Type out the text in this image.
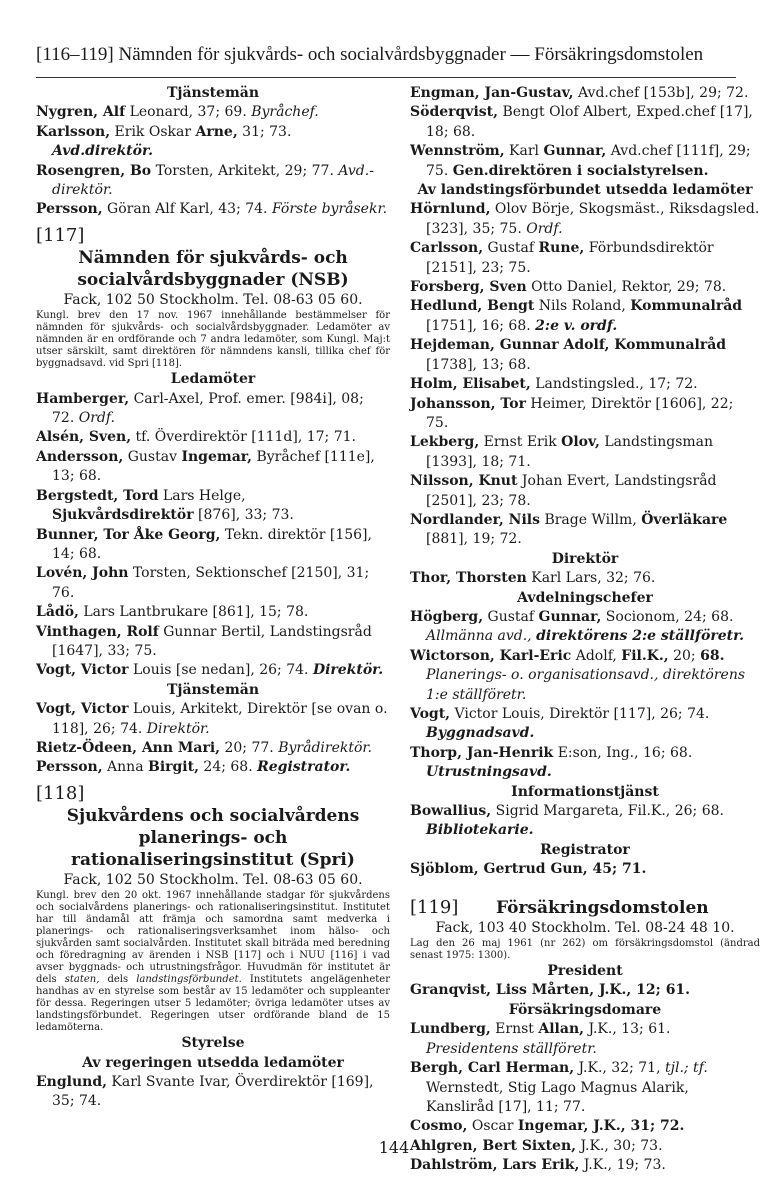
[116–119] Nämnden för sjukvårds- och socialvårdsbyggnader — Försäkringsdomstolen
Tjänstemän
Nygren, Alf Leonard, 37; 69. Byråchef.
Karlsson, Erik Oskar Arne, 31; 73. Avd.direktör.
Rosengren, Bo Torsten, Arkitekt, 29; 77. Avd.-direktör.
Persson, Göran Alf Karl, 43; 74. Förste byråsekr.
[117]
Nämnden för sjukvårds- och socialvårdsbyggnader (NSB)
Fack, 102 50 Stockholm. Tel. 08-63 05 60.
Kungl. brev den 17 nov. 1967 innehållande bestämmelser för nämnden för sjukvårds- och socialvårdsbyggnader. Ledamöter av nämnden är en ordförande och 7 andra ledamöter, som Kungl. Maj:t utser särskilt, samt direktören för nämndens kansli, tillika chef för byggnadsavd. vid Spri [118].
Ledamöter
Hamberger, Carl-Axel, Prof. emer. [984i], 08; 72. Ordf.
Alsén, Sven, tf. Överdirektör [111d], 17; 71.
Andersson, Gustav Ingemar, Byråchef [111e], 13; 68.
Bergstedt, Tord Lars Helge, Sjukvårdsdirektör [876], 33; 73.
Bunner, Tor Åke Georg, Tekn. direktör [156], 14; 68.
Lovén, John Torsten, Sektionschef [2150], 31; 76.
Lådö, Lars Lantbrukare [861], 15; 78.
Vinthagen, Rolf Gunnar Bertil, Landstingsråd [1647], 33; 75.
Vogt, Victor Louis [se nedan], 26; 74. Direktör.
Tjänstemän
Vogt, Victor Louis, Arkitekt, Direktör [se ovan o. 118], 26; 74. Direktör.
Rietz-Ödeen, Ann Mari, 20; 77. Byrådirektör.
Persson, Anna Birgit, 24; 68. Registrator.
[118]
Sjukvårdens och socialvårdens planerings- och rationaliseringsinstitut (Spri)
Fack, 102 50 Stockholm. Tel. 08-63 05 60.
Kungl. brev den 20 okt. 1967 innehållande stadgar för sjukvårdens och socialvårdens planerings- och rationaliseringsinstitut. Institutet har till ändamål att främja och samordna samt medverka i planerings- och rationaliseringsverksamhet inom hälso- och sjukvården samt socialvården. Institutet skall biträda med beredning och föredragning av ärenden i NSB [117] och i NUU [116] i vad avser byggnads- och utrustningsfrågor. Huvudmän för institutet är dels staten, dels landstingsförbundet. Institutets angelägenheter handhas av en styrelse som består av 15 ledamöter och suppleanter för dessa. Regeringen utser 5 ledamöter; övriga ledamöter utses av landstingsförbundet. Regeringen utser ordförande bland de 15 ledamöterna.
Styrelse
Av regeringen utsedda ledamöter
Englund, Karl Svante Ivar, Överdirektör [169], 35; 74.
Engman, Jan-Gustav, Avd.chef [153b], 29; 72.
Söderqvist, Bengt Olof Albert, Exped.chef [17], 18; 68.
Wennström, Karl Gunnar, Avd.chef [111f], 29; 75. Gen.direktören i socialstyrelsen.
Av landstingsförbundet utsedda ledamöter
Hörnlund, Olov Börje, Skogsmäst., Riksdagsled. [323], 35; 75. Ordf.
Carlsson, Gustaf Rune, Förbundsdirektör [2151], 23; 75.
Forsberg, Sven Otto Daniel, Rektor, 29; 78.
Hedlund, Bengt Nils Roland, Kommunalråd [1751], 16; 68. 2:e v. ordf.
Hejdeman, Gunnar Adolf, Kommunalråd [1738], 13; 68.
Holm, Elisabet, Landstingsled., 17; 72.
Johansson, Tor Heimer, Direktör [1606], 22; 75.
Lekberg, Ernst Erik Olov, Landstingsman [1393], 18; 71.
Nilsson, Knut Johan Evert, Landstingsråd [2501], 23; 78.
Nordlander, Nils Brage Willm, Överläkare [881], 19; 72.
Direktör
Thor, Thorsten Karl Lars, 32; 76.
Avdelningschefer
Högberg, Gustaf Gunnar, Socionom, 24; 68. Allmänna avd., direktörens 2:e ställföretr.
Wictorson, Karl-Eric Adolf, Fil.K., 20; 68. Planerings- o. organisationsavd., direktörens 1:e ställföretr.
Vogt, Victor Louis, Direktör [117], 26; 74. Byggnadsavd.
Thorp, Jan-Henrik E:son, Ing., 16; 68. Utrustningsavd.
Informationstjänst
Bowallius, Sigrid Margareta, Fil.K., 26; 68. Bibliotekarie.
Registrator
Sjöblom, Gertrud Gun, 45; 71.
[119]	Försäkringsdomstolen
Fack, 103 40 Stockholm. Tel. 08-24 48 10.
Lag den 26 maj 1961 (nr 262) om försäkringsdomstol (ändrad senast 1975: 1300).
President
Granqvist, Liss Mårten, J.K., 12; 61.
Försäkringsdomare
Lundberg, Ernst Allan, J.K., 13; 61. Presidentens ställföretr.
Bergh, Carl Herman, J.K., 32; 71, tjl.; tf. Wernstedt, Stig Lago Magnus Alarik, Kansliråd [17], 11; 77.
Cosmo, Oscar Ingemar, J.K., 31; 72.
Ahlgren, Bert Sixten, J.K., 30; 73.
Dahlström, Lars Erik, J.K., 19; 73.
144
